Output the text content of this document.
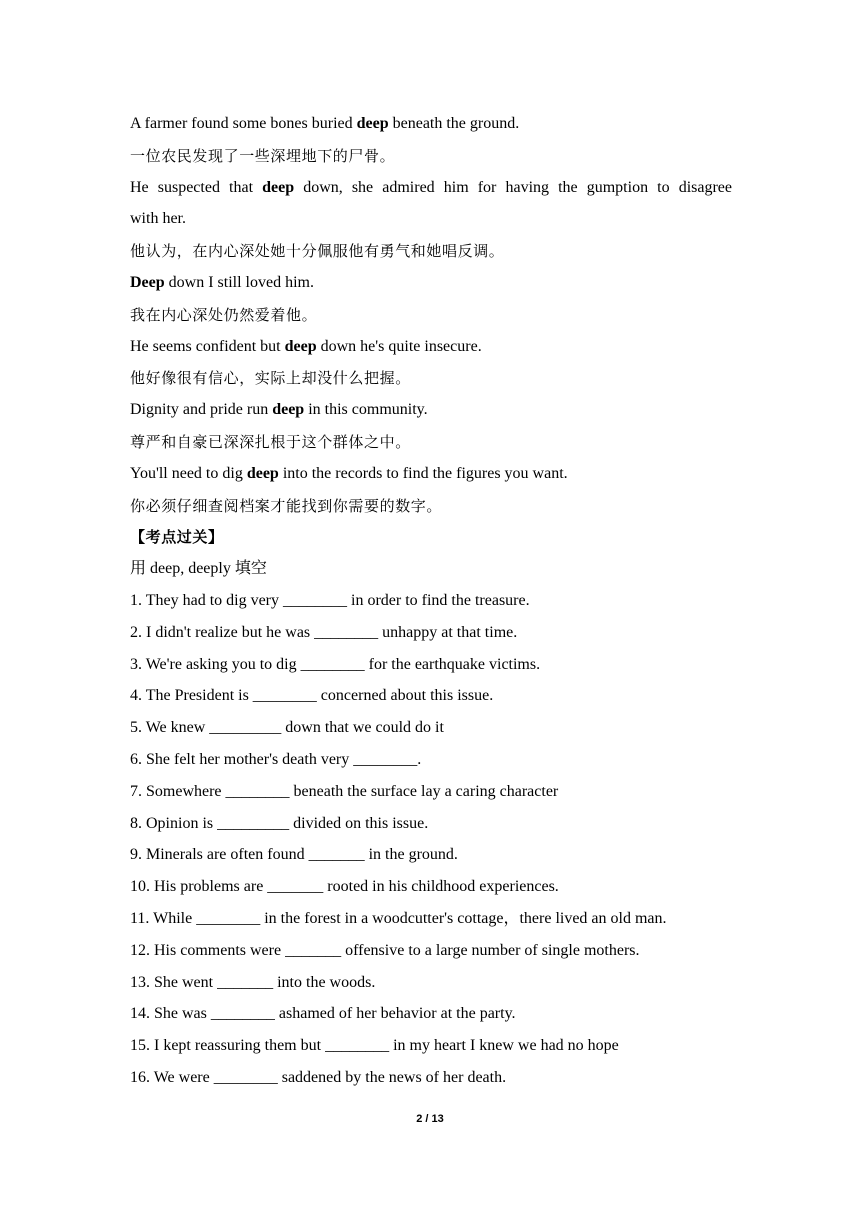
A farmer found some bones buried deep beneath the ground.
一位农民发现了一些深埋地下的尸骨。
He suspected that deep down, she admired him for having the gumption to disagree
with her.
他认为，在内心深处她十分佩服他有勇气和她唱反调。
Deep down I still loved him.
我在内心深处仍然爱着他。
He seems confident but deep down he's quite insecure.
他好像很有信心，实际上却没什么把握。
Dignity and pride run deep in this community.
尊严和自豪已深深扎根于这个群体之中。
You'll need to dig deep into the records to find the figures you want.
你必须仔细查阅档案才能找到你需要的数字。
【考点过关】
用 deep, deeply 填空
1. They had to dig very ________ in order to find the treasure.
2. I didn't realize but he was ________ unhappy at that time.
3. We're asking you to dig ________ for the earthquake victims.
4. The President is ________ concerned about this issue.
5. We knew _________ down that we could do it
6. She felt her mother's death very ________.
7. Somewhere ________ beneath the surface lay a caring character
8. Opinion is _________ divided on this issue.
9. Minerals are often found _______ in the ground.
10. His problems are _______ rooted in his childhood experiences.
11. While ________ in the forest in a woodcutter's cottage，there lived an old man.
12. His comments were _______ offensive to a large number of single mothers.
13. She went _______ into the woods.
14. She was ________ ashamed of her behavior at the party.
15. I kept reassuring them but ________ in my heart I knew we had no hope
16. We were ________ saddened by the news of her death.
2 / 13
